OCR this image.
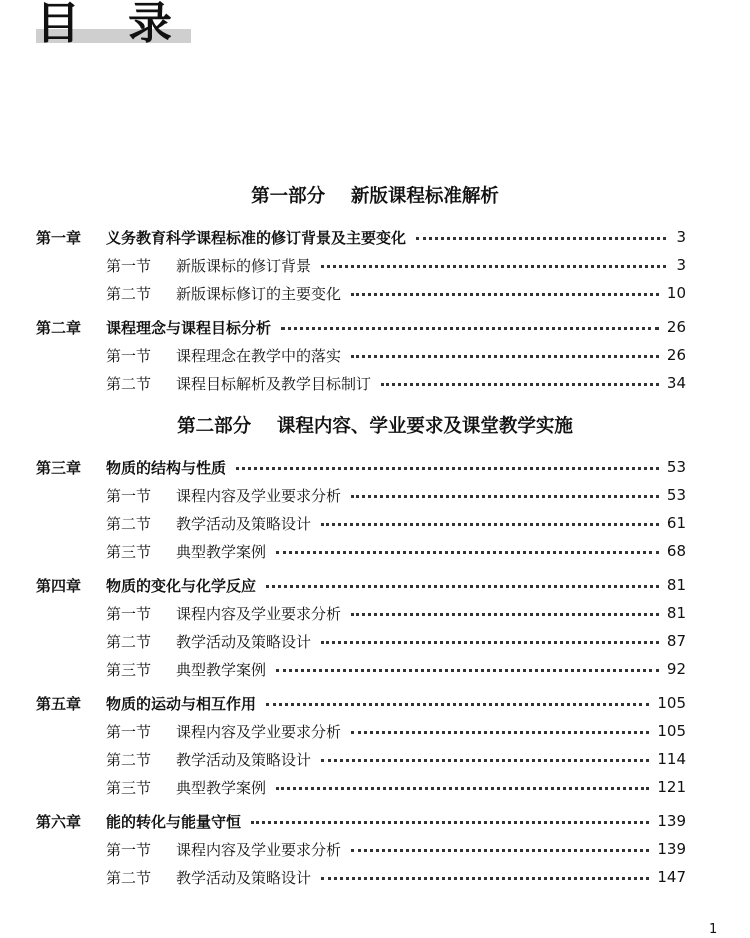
目录
第一部分    新版课程标准解析
第一章	义务教育科学课程标准的修订背景及主要变化	3
第一节	新版课标的修订背景	3
第二节	新版课标修订的主要变化	10
第二章	课程理念与课程目标分析	26
第一节	课程理念在教学中的落实	26
第二节	课程目标解析及教学目标制订	34
第二部分    课程内容、学业要求及课堂教学实施
第三章	物质的结构与性质	53
第一节	课程内容及学业要求分析	53
第二节	教学活动及策略设计	61
第三节	典型教学案例	68
第四章	物质的变化与化学反应	81
第一节	课程内容及学业要求分析	81
第二节	教学活动及策略设计	87
第三节	典型教学案例	92
第五章	物质的运动与相互作用	105
第一节	课程内容及学业要求分析	105
第二节	教学活动及策略设计	114
第三节	典型教学案例	121
第六章	能的转化与能量守恒	139
第一节	课程内容及学业要求分析	139
第二节	教学活动及策略设计	147
1
